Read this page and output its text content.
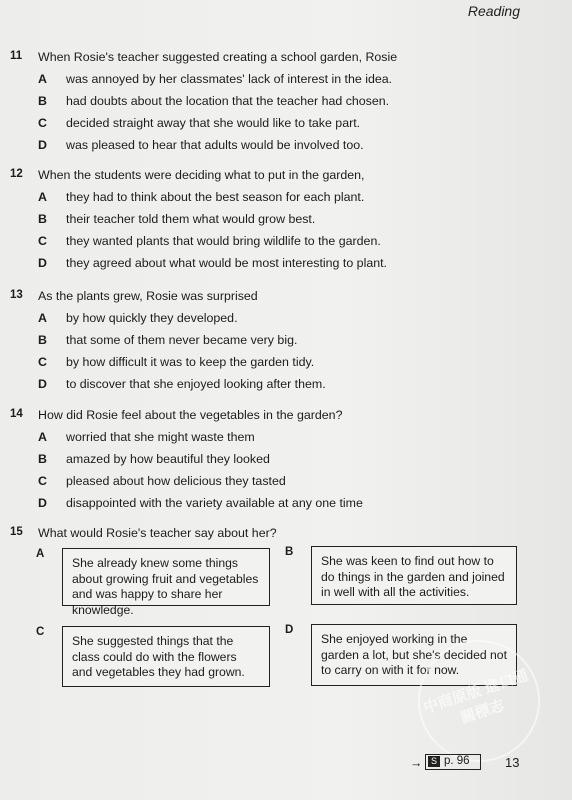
Reading
11 When Rosie's teacher suggested creating a school garden, Rosie
A was annoyed by her classmates' lack of interest in the idea.
B had doubts about the location that the teacher had chosen.
C decided straight away that she would like to take part.
D was pleased to hear that adults would be involved too.
12 When the students were deciding what to put in the garden,
A they had to think about the best season for each plant.
B their teacher told them what would grow best.
C they wanted plants that would bring wildlife to the garden.
D they agreed about what would be most interesting to plant.
13 As the plants grew, Rosie was surprised
A by how quickly they developed.
B that some of them never became very big.
C by how difficult it was to keep the garden tidy.
D to discover that she enjoyed looking after them.
14 How did Rosie feel about the vegetables in the garden?
A worried that she might waste them
B amazed by how beautiful they looked
C pleased about how delicious they tasted
D disappointed with the variety available at any one time
15 What would Rosie's teacher say about her?
A
She already knew some things about growing fruit and vegetables and was happy to share her knowledge.
B
She was keen to find out how to do things in the garden and joined in well with all the activities.
C
She suggested things that the class could do with the flowers and vegetables they had grown.
D
She enjoyed working in the garden a lot, but she's decided not to carry on with it for now.
中商原版 進口通關標志
→ S p. 96	13
